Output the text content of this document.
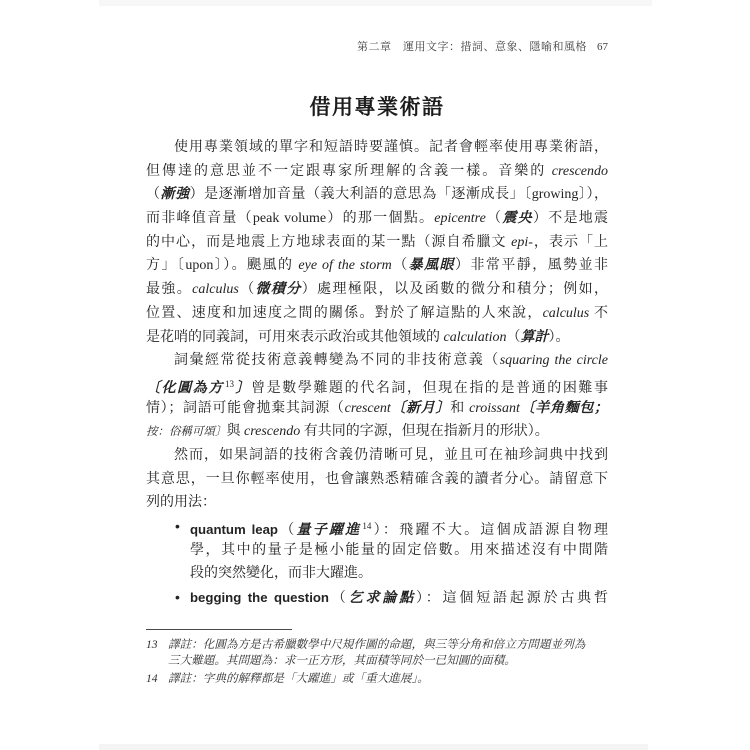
第二章　運用文字：措詞、意象、隱喻和風格 67
借用專業術語
使用專業領域的單字和短語時要謹慎。記者會輕率使用專業術語，
但傳達的意思並不一定跟專家所理解的含義一樣。音樂的 crescendo
（漸強）是逐漸增加音量（義大利語的意思為「逐漸成長」〔growing〕），
而非峰值音量（peak volume）的那一個點。epicentre（震央）不是地震
的中心，而是地震上方地球表面的某一點（源自希臘文 epi-，表示「上
方」〔upon〕）。颶風的 eye of the storm（暴風眼）非常平靜，風勢並非
最強。calculus（微積分）處理極限，以及函數的微分和積分；例如，
位置、速度和加速度之間的關係。對於了解這點的人來說，calculus 不
是花哨的同義詞，可用來表示政治或其他領域的 calculation（算計）。
詞彙經常從技術意義轉變為不同的非技術意義（squaring the circle
〔化圓為方$^{13}$〕曾是數學難題的代名詞，但現在指的是普通的困難事
情）；詞語可能會拋棄其詞源（crescent〔新月〕和 croissant〔羊角麵包；
按：俗稱可頌〕與 crescendo 有共同的字源，但現在指新月的形狀）。
然而，如果詞語的技術含義仍清晰可見，並且可在袖珍詞典中找到
其意思，一旦你輕率使用，也會讓熟悉精確含義的讀者分心。請留意下
列的用法：
• quantum leap（量子躍進$^{14}$）：飛躍不大。這個成語源自物理
學，其中的量子是極小能量的固定倍數。用來描述沒有中間階
段的突然變化，而非大躍進。
• begging the question（乞求論點）：這個短語起源於古典哲
13 譯註：化圓為方是古希臘數學中尺規作圖的命題，與三等分角和倍立方問題並列為
三大難題。其問題為：求一正方形，其面積等同於一已知圓的面積。
14 譯註：字典的解釋都是「大躍進」或「重大進展」。
